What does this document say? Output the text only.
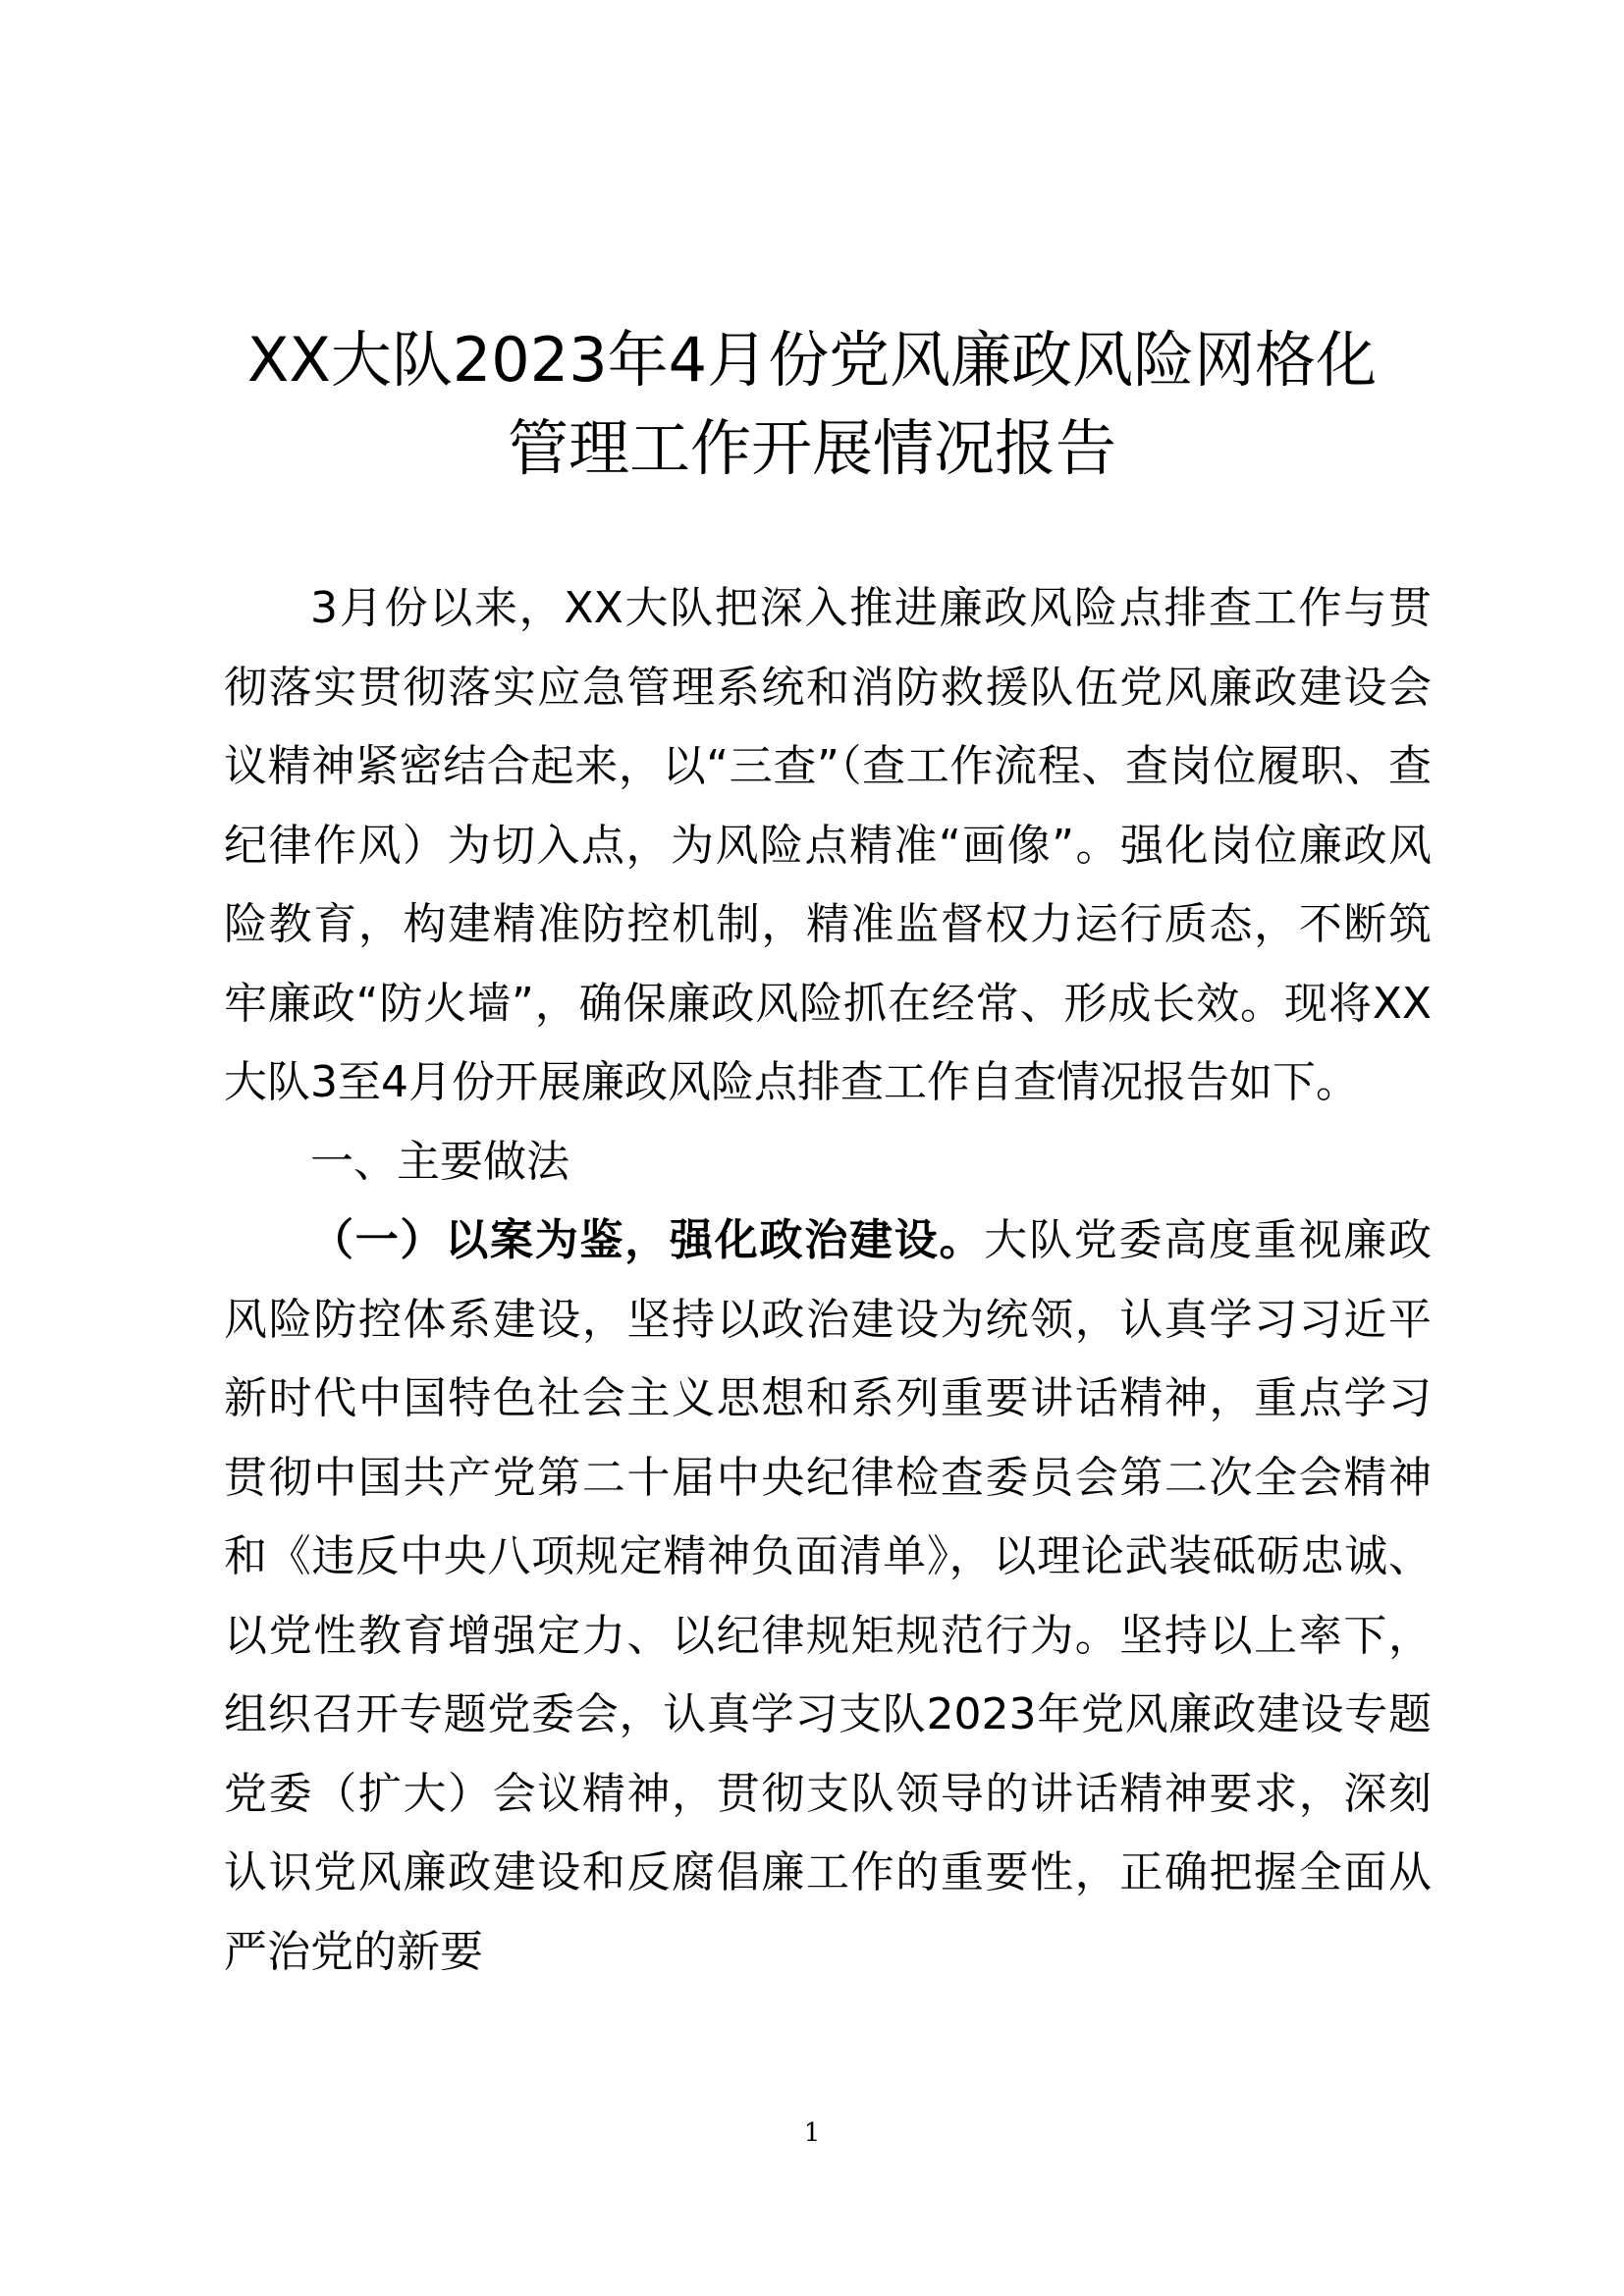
XX大队2023年4月份党风廉政风险网格化
管理工作开展情况报告

3月份以来，XX大队把深入推进廉政风险点排查工作与贯彻落实贯彻落实应急管理系统和消防救援队伍党风廉政建设会议精神紧密结合起来，以“三查”（查工作流程、查岗位履职、查纪律作风）为切入点，为风险点精准“画像”。强化岗位廉政风险教育，构建精准防控机制，精准监督权力运行质态，不断筑牢廉政“防火墙”，确保廉政风险抓在经常、形成长效。现将XX大队3至4月份开展廉政风险点排查工作自查情况报告如下。

一、主要做法

（一）以案为鉴，强化政治建设。大队党委高度重视廉政风险防控体系建设，坚持以政治建设为统领，认真学习习近平新时代中国特色社会主义思想和系列重要讲话精神，重点学习贯彻中国共产党第二十届中央纪律检查委员会第二次全会精神和《违反中央八项规定精神负面清单》，以理论武装砥砺忠诚、以党性教育增强定力、以纪律规矩规范行为。坚持以上率下，组织召开专题党委会，认真学习支队2023年党风廉政建设专题党委（扩大）会议精神，贯彻支队领导的讲话精神要求，深刻认识党风廉政建设和反腐倡廉工作的重要性，正确把握全面从严治党的新要

1
